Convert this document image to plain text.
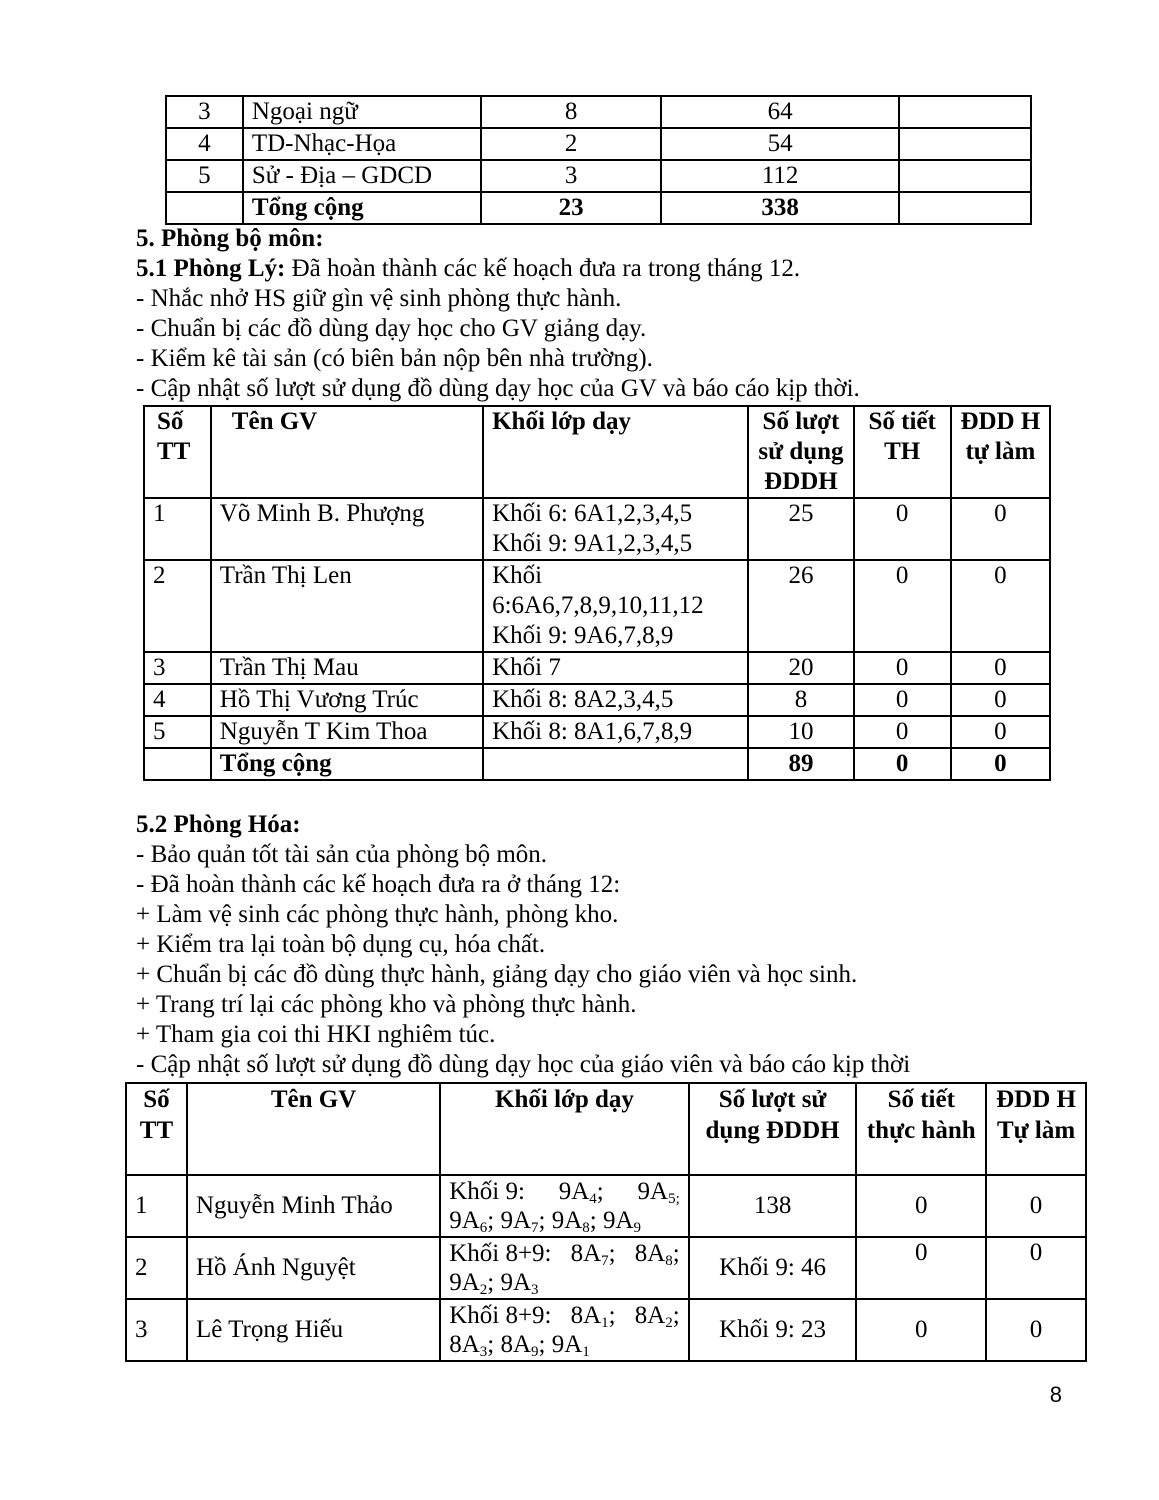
3	Ngoại ngữ	8	64	
4	TD-Nhạc-Họa	2	54	
5	Sử - Địa – GDCD	3	112	
	Tổng cộng	23	338	
5. Phòng bộ môn:
5.1 Phòng Lý: Đã hoàn thành các kế hoạch đưa ra trong tháng 12.
- Nhắc nhở HS giữ gìn vệ sinh phòng thực hành.
- Chuẩn bị các đồ dùng dạy học cho GV giảng dạy.
- Kiểm kê tài sản (có biên bản nộp bên nhà trường).
- Cập nhật số lượt sử dụng đồ dùng dạy học của GV và báo cáo kịp thời.
Số TT	Tên GV	Khối lớp dạy	Số lượt sử dụng ĐDDH	Số tiết TH	ĐDD H tự làm
1	Võ Minh B. Phượng	Khối 6: 6A1,2,3,4,5
Khối 9: 9A1,2,3,4,5	25	0	0
2	Trần Thị Len	Khối
6:6A6,7,8,9,10,11,12
Khối 9: 9A6,7,8,9	26	0	0
3	Trần Thị Mau	Khối 7	20	0	0
4	Hồ Thị Vương Trúc	Khối 8: 8A2,3,4,5	8	0	0
5	Nguyễn T Kim Thoa	Khối 8: 8A1,6,7,8,9	10	0	0
	Tổng cộng		89	0	0
5.2 Phòng Hóa:
- Bảo quản tốt tài sản của phòng bộ môn.
- Đã hoàn thành các kế hoạch đưa ra ở tháng 12:
+ Làm vệ sinh các phòng thực hành, phòng kho.
+ Kiểm tra lại toàn bộ dụng cụ, hóa chất.
+ Chuẩn bị các đồ dùng thực hành, giảng dạy cho giáo viên và học sinh.
+ Trang trí lại các phòng kho và phòng thực hành.
+ Tham gia coi thi HKI nghiêm túc.
- Cập nhật số lượt sử dụng đồ dùng dạy học của giáo viên và báo cáo kịp thời
Số TT	Tên GV	Khối lớp dạy	Số lượt sử dụng ĐDDH	Số tiết thực hành	ĐDD H Tự làm
1	Nguyễn Minh Thảo	Khối 9: $9A_4$; $9A_{5;}$
$9A_6$; $9A_7$; $9A_8$; $9A_9$	138	0	0
2	Hồ Ánh Nguyệt	Khối 8+9: $8A_7$; $8A_8$;
$9A_2$; $9A_3$	Khối 9: 46	0	0
3	Lê Trọng Hiếu	Khối 8+9: $8A_1$; $8A_2$;
$8A_3$; $8A_9$; $9A_1$	Khối 9: 23	0	0
8
